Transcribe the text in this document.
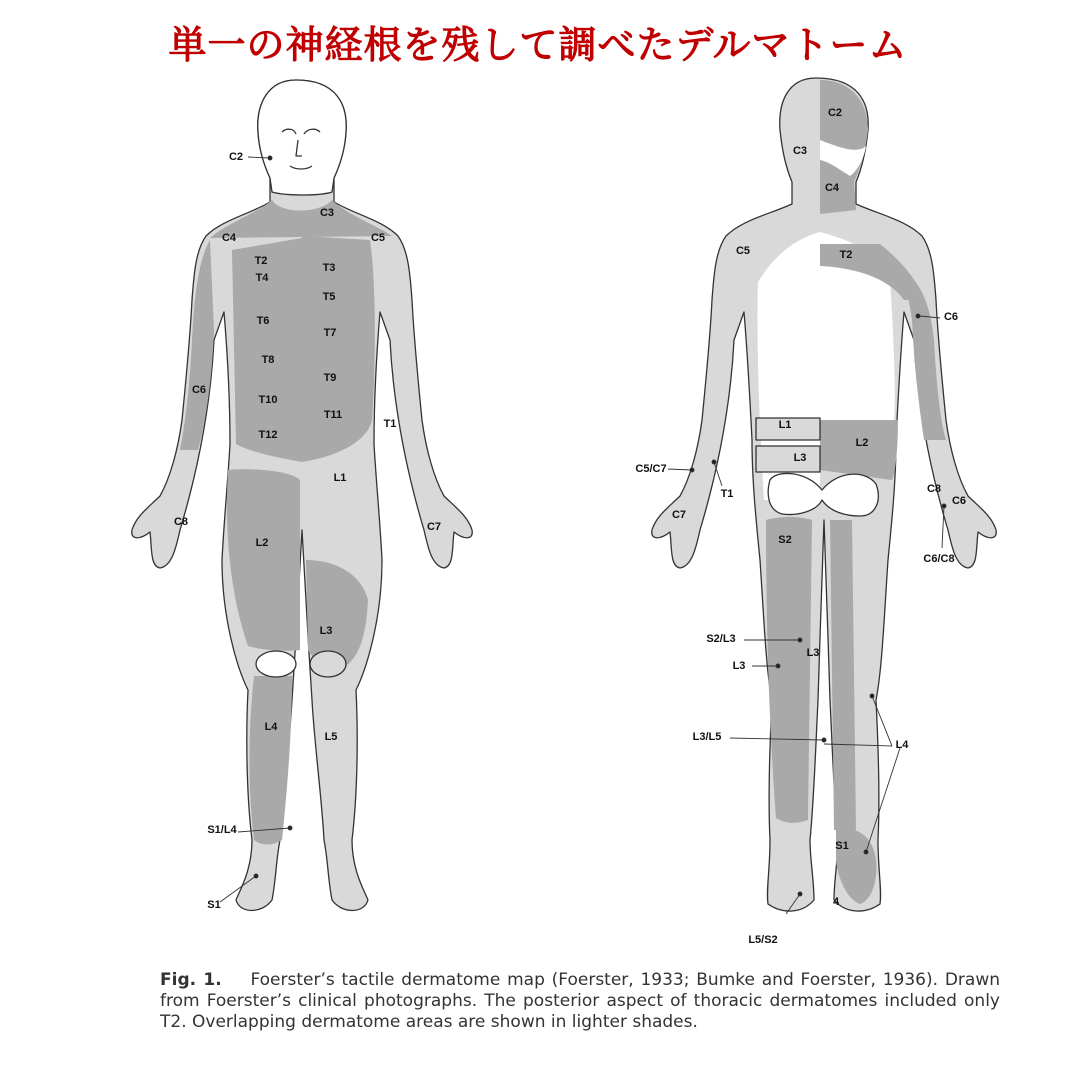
単一の神経根を残して調べたデルマトーム
C2
C3
C4	C5
T2
T4
T3
T5
T6
T7
T8
T9
T10
T11
T12
C6
T1
L1
C8	C7
L2
L3
L4
L5
S1/L4
S1
C2
C3
C4
C5	T2
C6
L1
L2
L3
C5/C7
T1	C8
C6
C7
S2
C6/C8
S2/L3
L3
L3
L3/L5
L4
S1
4
L5/S2
Fig. 1. Foerster’s tactile dermatome map (Foerster, 1933; Bumke and Foerster, 1936). Drawn from Foerster’s clinical photographs. The posterior aspect of thoracic dermatomes included only T2. Overlapping dermatome areas are shown in lighter shades.
